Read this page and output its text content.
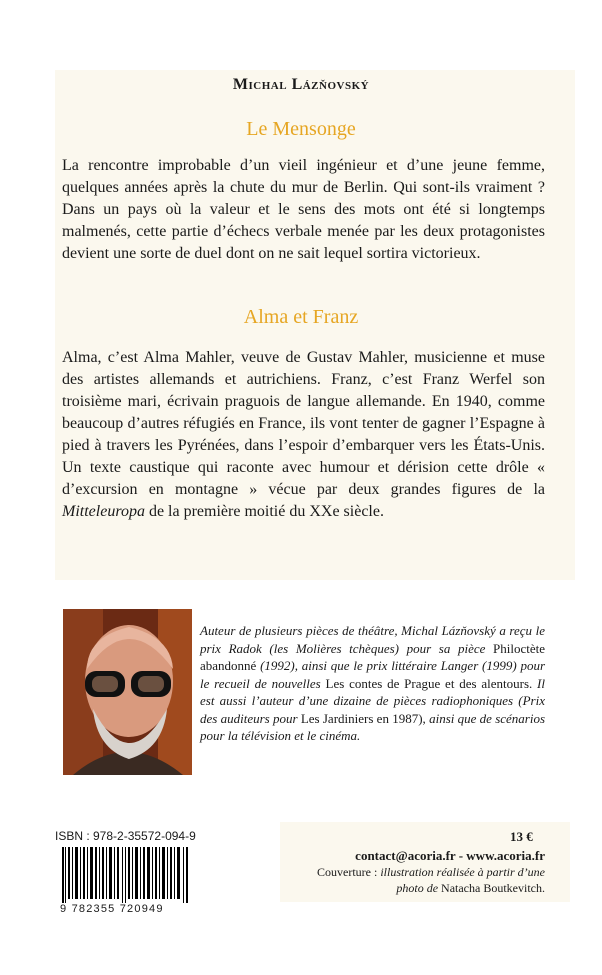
Michal Lázňovský
Le Mensonge

La rencontre improbable d’un vieil ingénieur et d’une jeune femme, quelques années après la chute du mur de Berlin. Qui sont-ils vraiment ? Dans un pays où la valeur et le sens des mots ont été si longtemps malmenés, cette partie d’échecs verbale menée par les deux protagonistes devient une sorte de duel dont on ne sait lequel sortira victorieux.

Alma et Franz

Alma, c’est Alma Mahler, veuve de Gustav Mahler, musicienne et muse des artistes allemands et autrichiens. Franz, c’est Franz Werfel son troisième mari, écrivain praguois de langue allemande. En 1940, comme beaucoup d’autres réfugiés en France, ils vont tenter de gagner l’Espagne à pied à travers les Pyrénées, dans l’espoir d’embarquer vers les États-Unis. Un texte caustique qui raconte avec humour et dérision cette drôle « d’excursion en montagne » vécue par deux grandes figures de la Mitteleuropa de la première moitié du XXe siècle.

Auteur de plusieurs pièces de théâtre, Michal Lázňovský a reçu le prix Radok (les Molières tchèques) pour sa pièce Philoctète abandonné (1992), ainsi que le prix littéraire Langer (1999) pour le recueil de nouvelles Les contes de Prague et des alentours. Il est aussi l’auteur d’une dizaine de pièces radiophoniques (Prix des auditeurs pour Les Jardiniers en 1987), ainsi que de scénarios pour la télévision et le cinéma.

ISBN : 978-2-35572-094-9
9 782355 720949
13 €
contact@acoria.fr - www.acoria.fr
Couverture : illustration réalisée à partir d’une photo de Natacha Boutkevitch.
